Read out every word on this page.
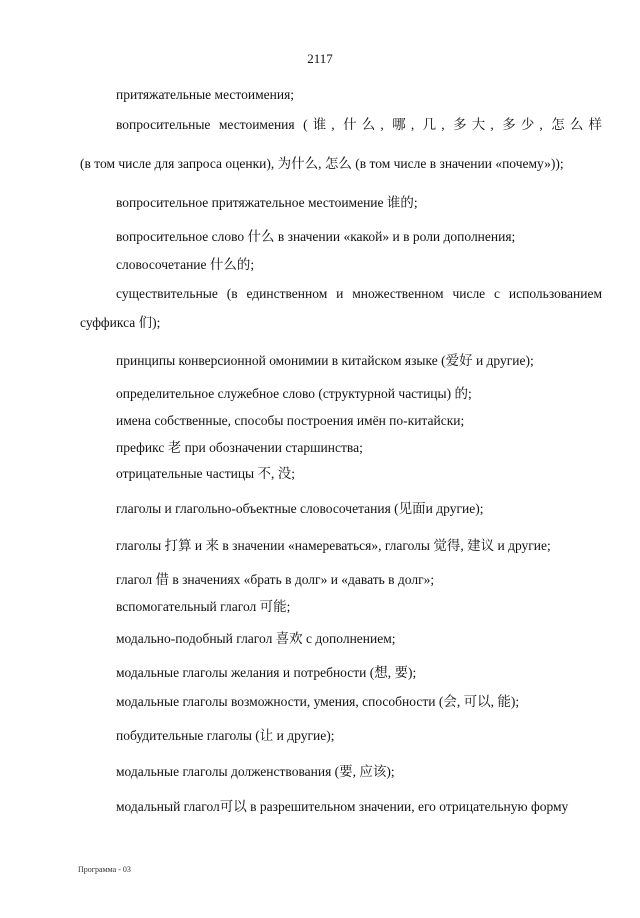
2117
притяжательные местоимения;
вопросительные местоимения (谁, 什么, 哪, 几, 多大, 多少, 怎么样
(в том числе для запроса оценки), 为什么, 怎么 (в том числе в значении «почему»));
вопросительное притяжательное местоимение 谁的;
вопросительное слово 什么 в значении «какой» и в роли дополнения;
словосочетание 什么的;
существительные (в единственном и множественном числе с использованием
суффикса 们);
принципы конверсионной омонимии в китайском языке (爱好 и другие);
определительное служебное слово (структурной частицы) 的;
имена собственные, способы построения имён по-китайски;
префикс 老 при обозначении старшинства;
отрицательные частицы 不, 没;
глаголы и глагольно-объектные словосочетания (见面и другие);
глаголы 打算 и 来 в значении «намереваться», глаголы 觉得, 建议 и другие;
глагол 借 в значениях «брать в долг» и «давать в долг»;
вспомогательный глагол 可能;
модально-подобный глагол 喜欢 с дополнением;
модальные глаголы желания и потребности (想, 要);
модальные глаголы возможности, умения, способности (会, 可以, 能);
побудительные глаголы (让 и другие);
модальные глаголы долженствования (要, 应该);
модальный глагол可以 в разрешительном значении, его отрицательную форму
Программа - 03
